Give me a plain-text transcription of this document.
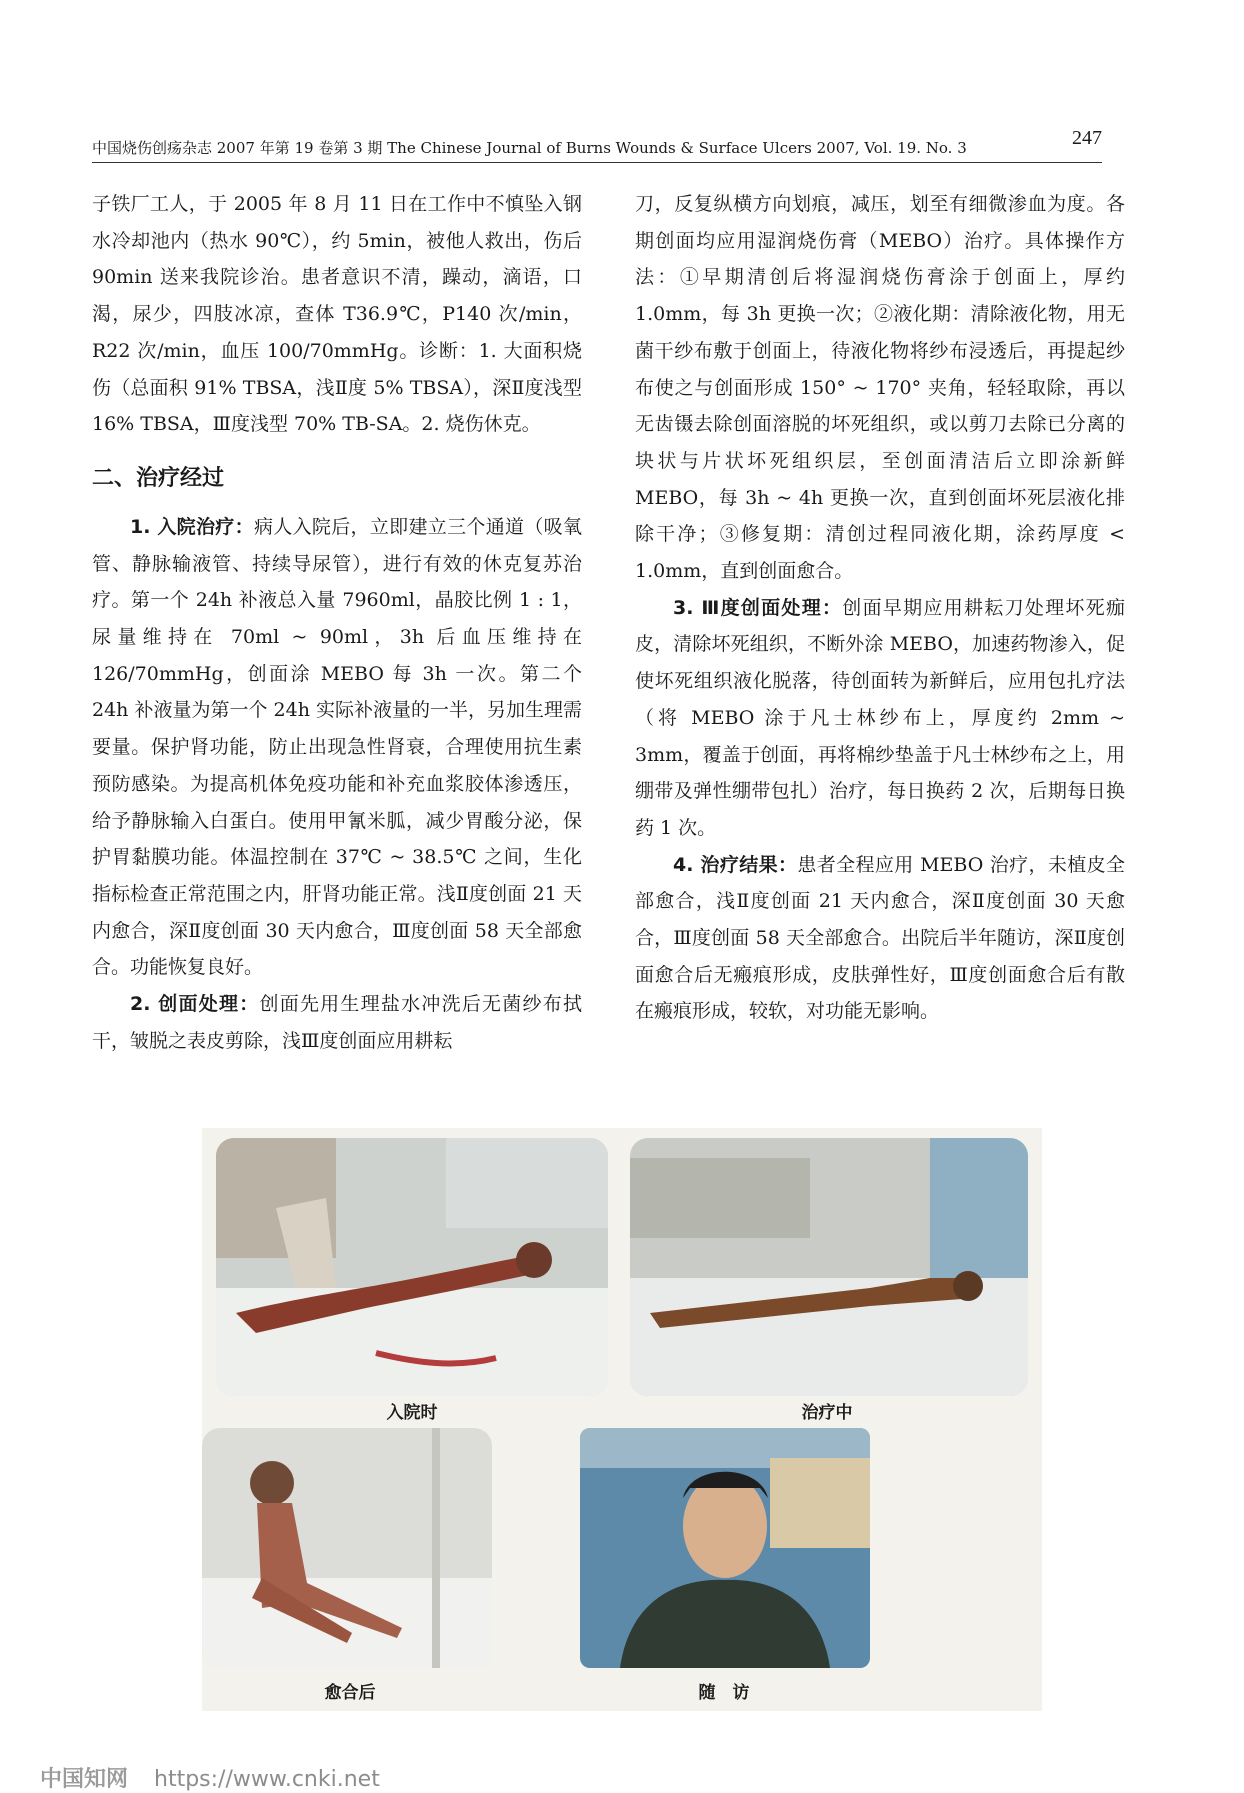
中国烧伤创疡杂志 2007 年第 19 卷第 3 期 The Chinese Journal of Burns Wounds & Surface Ulcers 2007, Vol. 19. No. 3	247

子铁厂工人，于 2005 年 8 月 11 日在工作中不慎坠入钢水冷却池内（热水 90℃），约 5min，被他人救出，伤后 90min 送来我院诊治。患者意识不清，躁动，滴语，口渴，尿少，四肢冰凉，查体 T36.9℃，P140 次/min，R22 次/min，血压 100/70mmHg。诊断：1. 大面积烧伤（总面积 91% TBSA，浅Ⅱ度 5% TBSA），深Ⅱ度浅型 16% TBSA，Ⅲ度浅型 70% TB-SA。2. 烧伤休克。

二、治疗经过

1. 入院治疗：病人入院后，立即建立三个通道（吸氧管、静脉输液管、持续导尿管），进行有效的休克复苏治疗。第一个 24h 补液总入量 7960ml，晶胶比例 1 : 1，尿量维持在 70ml ~ 90ml，3h 后血压维持在 126/70mmHg，创面涂 MEBO 每 3h 一次。第二个 24h 补液量为第一个 24h 实际补液量的一半，另加生理需要量。保护肾功能，防止出现急性肾衰，合理使用抗生素预防感染。为提高机体免疫功能和补充血浆胶体渗透压，给予静脉输入白蛋白。使用甲氰米胍，减少胃酸分泌，保护胃黏膜功能。体温控制在 37℃ ~ 38.5℃ 之间，生化指标检查正常范围之内，肝肾功能正常。浅Ⅱ度创面 21 天内愈合，深Ⅱ度创面 30 天内愈合，Ⅲ度创面 58 天全部愈合。功能恢复良好。

2. 创面处理：创面先用生理盐水冲洗后无菌纱布拭干，皱脱之表皮剪除，浅Ⅲ度创面应用耕耘

刀，反复纵横方向划痕，减压，划至有细微渗血为度。各期创面均应用湿润烧伤膏（MEBO）治疗。具体操作方法：①早期清创后将湿润烧伤膏涂于创面上，厚约 1.0mm，每 3h 更换一次；②液化期：清除液化物，用无菌干纱布敷于创面上，待液化物将纱布浸透后，再提起纱布使之与创面形成 150° ~ 170° 夹角，轻轻取除，再以无齿镊去除创面溶脱的坏死组织，或以剪刀去除已分离的块状与片状坏死组织层，至创面清洁后立即涂新鲜 MEBO，每 3h ~ 4h 更换一次，直到创面坏死层液化排除干净；③修复期：清创过程同液化期，涂药厚度 < 1.0mm，直到创面愈合。

3. Ⅲ度创面处理：创面早期应用耕耘刀处理坏死痂皮，清除坏死组织，不断外涂 MEBO，加速药物渗入，促使坏死组织液化脱落，待创面转为新鲜后，应用包扎疗法（将 MEBO 涂于凡士林纱布上，厚度约 2mm ~ 3mm，覆盖于创面，再将棉纱垫盖于凡士林纱布之上，用绷带及弹性绷带包扎）治疗，每日换药 2 次，后期每日换药 1 次。

4. 治疗结果：患者全程应用 MEBO 治疗，未植皮全部愈合，浅Ⅱ度创面 21 天内愈合，深Ⅱ度创面 30 天愈合，Ⅲ度创面 58 天全部愈合。出院后半年随访，深Ⅱ度创面愈合后无瘢痕形成，皮肤弹性好，Ⅲ度创面愈合后有散在瘢痕形成，较软，对功能无影响。

入院时	治疗中
愈合后	随　访
中国知网 https://www.cnki.net
